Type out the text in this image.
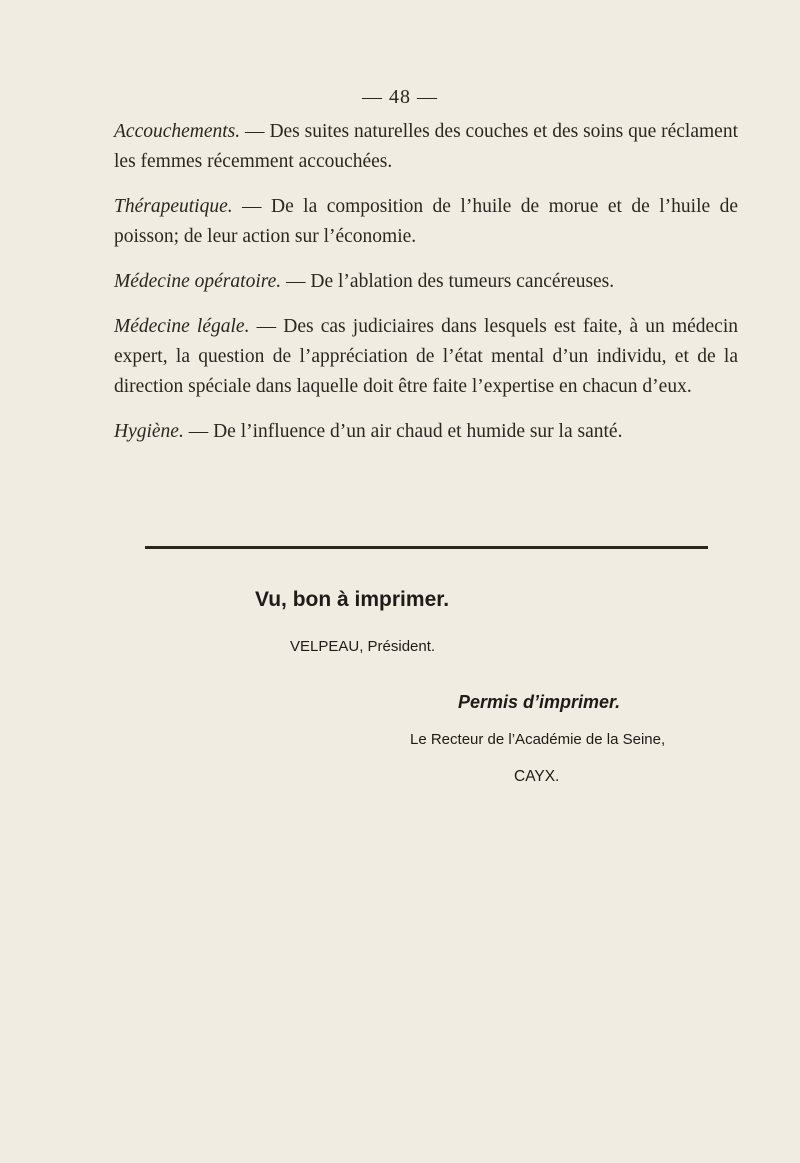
— 48 —
Accouchements. — Des suites naturelles des couches et des soins que réclament les femmes récemment accouchées.
Thérapeutique. — De la composition de l’huile de morue et de l’huile de poisson; de leur action sur l’économie.
Médecine opératoire. — De l’ablation des tumeurs cancéreuses.
Médecine légale. — Des cas judiciaires dans lesquels est faite, à un médecin expert, la question de l’appréciation de l’état mental d’un individu, et de la direction spéciale dans laquelle doit être faite l’expertise en chacun d’eux.
Hygiène. — De l’influence d’un air chaud et humide sur la santé.
Vu, bon à imprimer.
VELPEAU, Président.
Permis d’imprimer.
Le Recteur de l’Académie de la Seine,
CAYX.
